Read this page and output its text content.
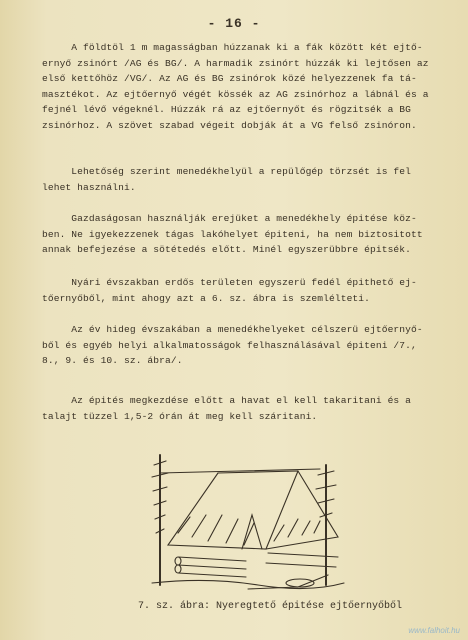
- 16 -

A földtöl 1 m magasságban húzzanak ki a fák között két ejtő-
ernyő zsinórt /AG és BG/. A harmadik zsinórt húzzák ki lejtősen az
első kettőhöz /VG/. Az AG és BG zsinórok közé helyezzenek fa tá-
masztékot. Az ejtőernyő végét kössék az AG zsinórhoz a lábnál és a
fejnél lévő végeknél. Húzzák rá az ejtőernyőt és rögzitsék a BG
zsinórhoz. A szövet szabad végeit dobják át a VG felső zsinóron.

Lehetőség szerint menedékhelyül a repülőgép törzsét is fel
lehet használni.

Gazdaságosan használják erejüket a menedékhely épitése köz-
ben. Ne igyekezzenek tágas lakóhelyet épiteni, ha nem biztositott
annak befejezése a sötétedés előtt. Minél egyszerübbre épitsék.

Nyári évszakban erdős területen egyszerü fedél épithető ej-
tőernyőből, mint ahogy azt a 6. sz. ábra is szemlélteti.

Az év hideg évszakában a menedékhelyeket célszerü ejtőernyő-
ből és egyéb helyi alkalmatosságok felhasználásával épiteni /7.,
8., 9. és 10. sz. ábra/.

Az épités megkezdése előtt a havat el kell takaritani és a
talajt tüzzel 1,5-2 órán át meg kell száritani.

7. sz. ábra: Nyeregtető épitése ejtőernyőből
www.falhoit.hu
